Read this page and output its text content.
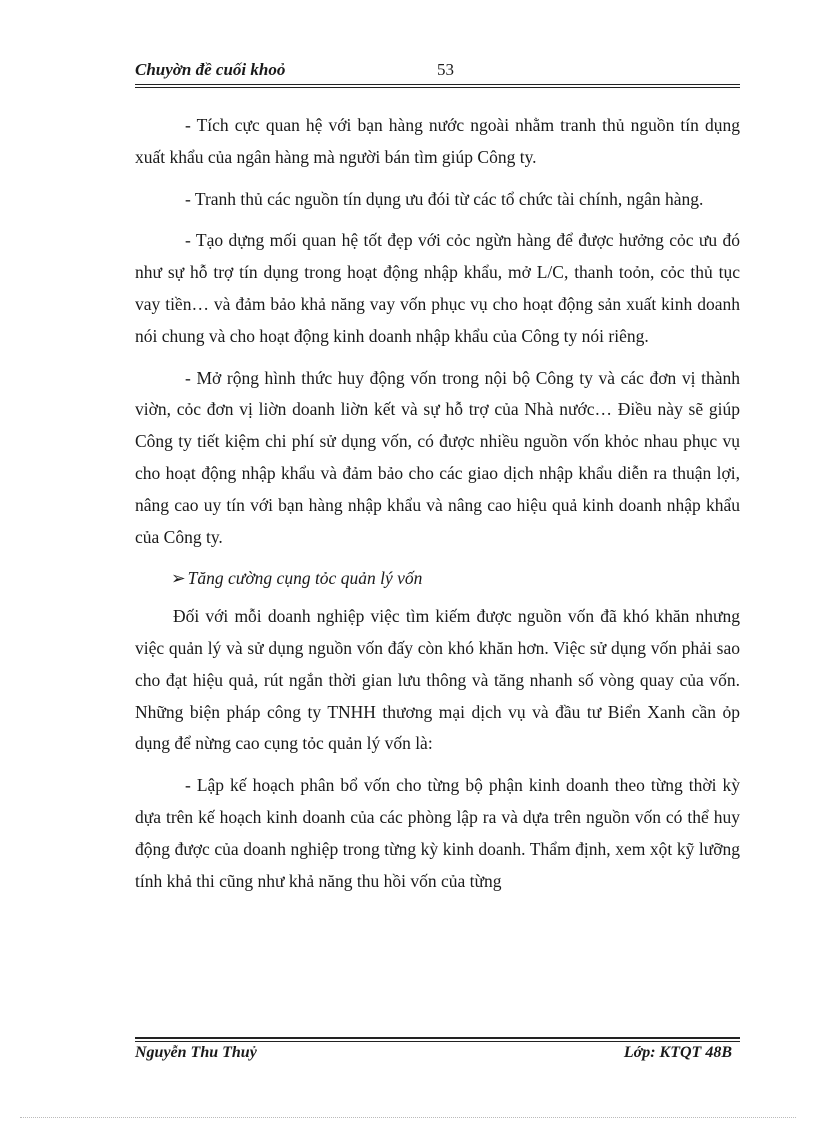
Chuyờn đề cuối khoỏ	53

- Tích cực quan hệ với bạn hàng nước ngoài nhằm tranh thủ nguồn tín dụng xuất khẩu của ngân hàng mà người bán tìm giúp Công ty.

- Tranh thủ các nguồn tín dụng ưu đói từ các tổ chức tài chính, ngân hàng.

- Tạo dựng mối quan hệ tốt đẹp với cỏc ngừn hàng để được hưởng cỏc ưu đó như sự hỗ trợ tín dụng trong hoạt động nhập khẩu, mở L/C, thanh toỏn, cỏc thủ tục vay tiền… và đảm bảo khả năng vay vốn phục vụ cho hoạt động sản xuất kinh doanh nói chung và cho hoạt động kinh doanh nhập khẩu của Công ty nói riêng.

- Mở rộng hình thức huy động vốn trong nội bộ Công ty và các đơn vị thành viờn, cỏc đơn vị liờn doanh liờn kết và sự hỗ trợ của Nhà nước… Điều này sẽ giúp Công ty tiết kiệm chi phí sử dụng vốn, có được nhiều nguồn vốn khỏc nhau phục vụ cho hoạt động nhập khẩu và đảm bảo cho các giao dịch nhập khẩu diễn ra thuận lợi, nâng cao uy tín với bạn hàng nhập khẩu và nâng cao hiệu quả kinh doanh nhập khẩu của Công ty.

➢ Tăng cường cụng tỏc quản lý vốn

Đối với mỗi doanh nghiệp việc tìm kiếm được nguồn vốn đã khó khăn nhưng việc quản lý và sử dụng nguồn vốn đấy còn khó khăn hơn. Việc sử dụng vốn phải sao cho đạt hiệu quả, rút ngắn thời gian lưu thông và tăng nhanh số vòng quay của vốn. Những biện pháp công ty TNHH thương mại dịch vụ và đầu tư Biển Xanh cần ỏp dụng để nừng cao cụng tỏc quản lý vốn là:

- Lập kế hoạch phân bổ vốn cho từng bộ phận kinh doanh theo từng thời kỳ dựa trên kế hoạch kinh doanh của các phòng lập ra và dựa trên nguồn vốn có thể huy động được của doanh nghiệp trong từng kỳ kinh doanh. Thẩm định, xem xột kỹ lưỡng tính khả thi cũng như khả năng thu hồi vốn của từng

Nguyễn Thu Thuỷ	Lớp: KTQT 48B
